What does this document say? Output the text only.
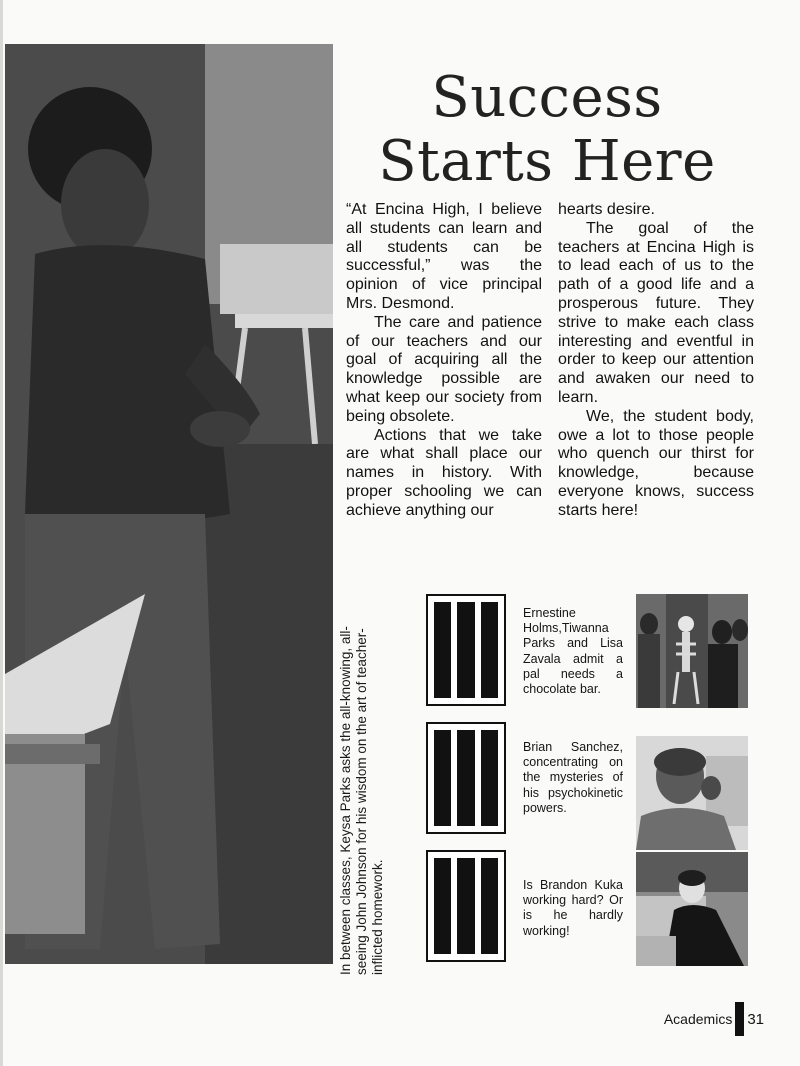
In between classes, Keysa Parks asks the all-knowing, all-seeing John Johnson for his wisdom on the art of teacher-inflicted homework.
Success
Starts Here

“At Encina High, I believe all students can learn and all students can be successful,” was the opinion of vice principal Mrs. Desmond.

The care and patience of our teachers and our goal of acquiring all the knowledge possible are what keep our society from being obsolete.

Actions that we take are what shall place our names in history. With proper schooling we can achieve anything our

hearts desire.

The goal of the teachers at Encina High is to lead each of us to the path of a good life and a prosperous future. They strive to make each class interesting and eventful in order to keep our attention and awaken our need to learn.

We, the student body, owe a lot to those people who quench our thirst for knowledge, because everyone knows, success starts here!

Ernestine Holms,Tiwanna Parks and Lisa Zavala admit a pal needs a chocolate bar.
Brian Sanchez, concentrating on the mysteries of his psychokinetic powers.
Is Brandon Kuka working hard? Or is he hardly working!
Academics 31
